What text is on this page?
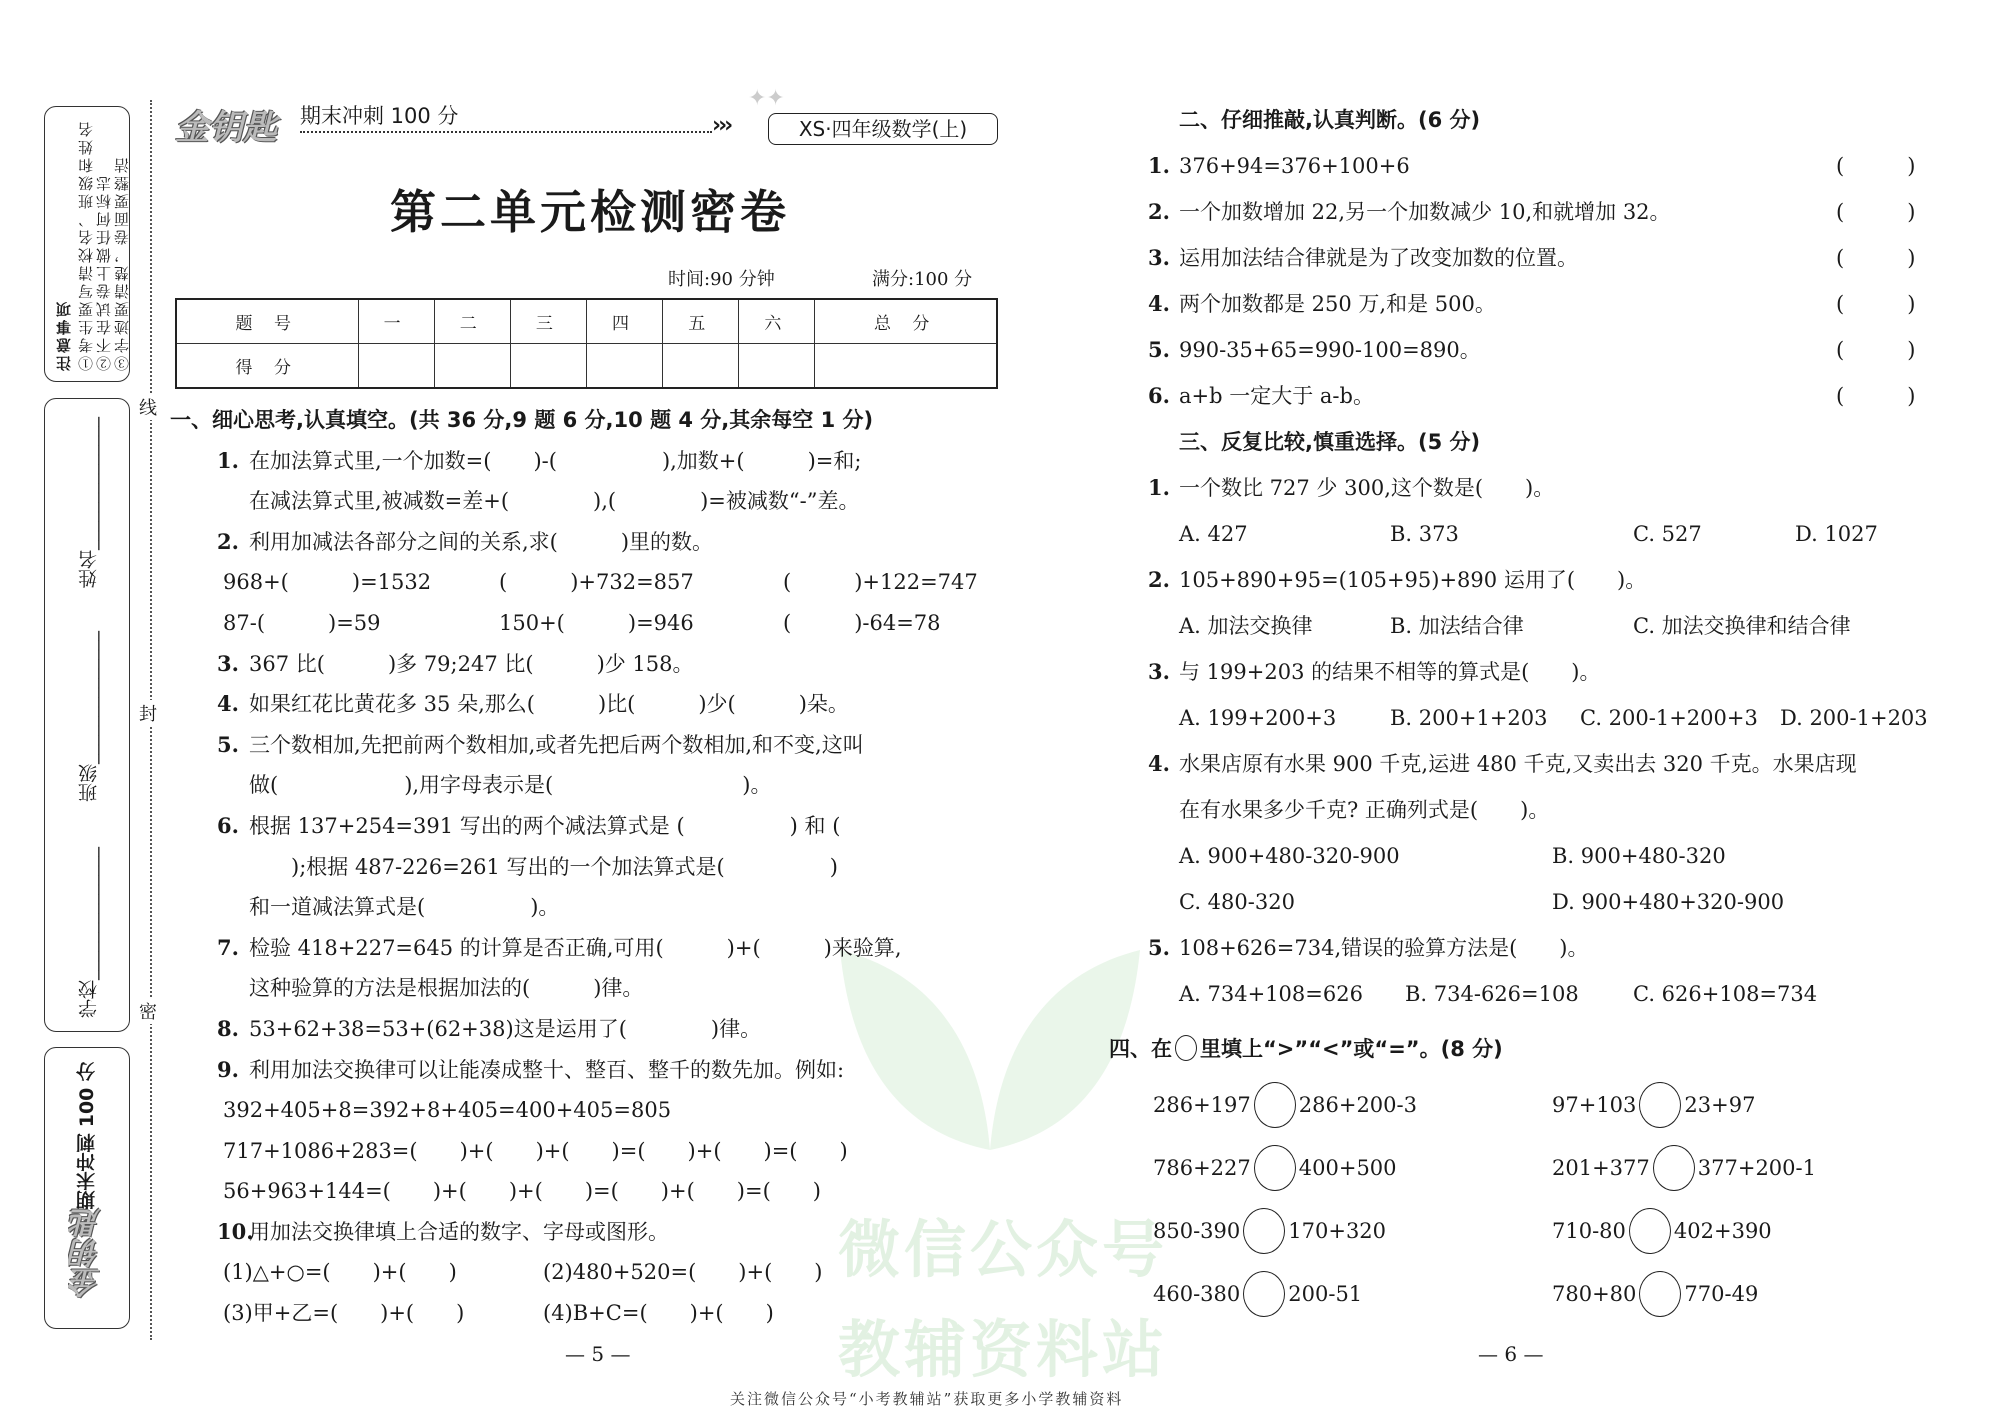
注意事项 ①考生要写清校名、班级和姓名 ②不在试卷上做任何标志 ③字迹要清楚，卷面要整洁
姓名______________
班级______________
学校______________
期末冲刺 100 分
金钥匙
线
封
密
金钥匙 期末冲刺 100 分	›››
✦✦
XS·四年级数学(上)
第二单元检测密卷
时间:90 分钟	满分:100 分
题 号	一	二	三	四	五	六	总 分
得 分							
微信公众号
教辅资料站
一、细心思考,认真填空。(共 36 分,9 题 6 分,10 题 4 分,其余每空 1 分)
1. 在加法算式里,一个加数=(　　)-(　　　　　),加数+(　　　)=和;
在减法算式里,被减数=差+(　　　　),(　　　　)=被减数“-”差。
2. 利用加减法各部分之间的关系,求(　　　)里的数。
968+(　　　)=1532	(　　　)+732=857	(　　　)+122=747
87-(　　　)=59	150+(　　　)=946	(　　　)-64=78
3. 367 比(　　　)多 79;247 比(　　　)少 158。
4. 如果红花比黄花多 35 朵,那么(　　　)比(　　　)少(　　　)朵。
5. 三个数相加,先把前两个数相加,或者先把后两个数相加,和不变,这叫
做(　　　　　　),用字母表示是(　　　　　　　　　)。
6. 根据 137+254=391 写出的两个减法算式是 (　　　　　) 和 (　　　
　　);根据 487-226=261 写出的一个加法算式是(　　　　　)
和一道减法算式是(　　　　　)。
7. 检验 418+227=645 的计算是否正确,可用(　　　)+(　　　)来验算,
这种验算的方法是根据加法的(　　　)律。
8. 53+62+38=53+(62+38)这是运用了(　　　　)律。
9. 利用加法交换律可以让能凑成整十、整百、整千的数先加。例如:
392+405+8=392+8+405=400+405=805
717+1086+283=(　　)+(　　)+(　　)=(　　)+(　　)=(　　)
56+963+144=(　　)+(　　)+(　　)=(　　)+(　　)=(　　)
10.
用加法交换律填上合适的数字、字母或图形。
(1)△+○=(　　)+(　　)	(2)480+520=(　　)+(　　)
(3)甲+乙=(　　)+(　　)	(4)B+C=(　　)+(　　)
二、仔细推敲,认真判断。(6 分)
1. 376+94=376+100+6	(　　　)
2. 一个加数增加 22,另一个加数减少 10,和就增加 32。	(　　　)
3. 运用加法结合律就是为了改变加数的位置。	(　　　)
4. 两个加数都是 250 万,和是 500。	(　　　)
5. 990-35+65=990-100=890。	(　　　)
6. a+b 一定大于 a-b。	(　　　)
三、反复比较,慎重选择。(5 分)
1. 一个数比 727 少 300,这个数是(　　)。
A. 427	B. 373	C. 527	D. 1027
2. 105+890+95=(105+95)+890 运用了(　　)。
A. 加法交换律	B. 加法结合律	C. 加法交换律和结合律
3. 与 199+203 的结果不相等的算式是(　　)。
A. 199+200+3	B. 200+1+203 C. 200-1+200+3 D. 200-1+203
4. 水果店原有水果 900 千克,运进 480 千克,又卖出去 320 千克。水果店现
在有水果多少千克? 正确列式是(　　)。
A. 900+480-320-900	B. 900+480-320
C. 480-320	D. 900+480+320-900
5. 108+626=734,错误的验算方法是(　　)。
A. 734+108=626 B. 734-626=108	C. 626+108=734
四、在 里填上“>”“<”或“=”。(8 分)
286+197 286+200-3	97+103 23+97
786+227 400+500	201+377 377+200-1
850-390 170+320	710-80 402+390
460-380 200-51	780+80 770-49
— 5 —	— 6 —
关注微信公众号“小考教辅站”获取更多小学教辅资料
